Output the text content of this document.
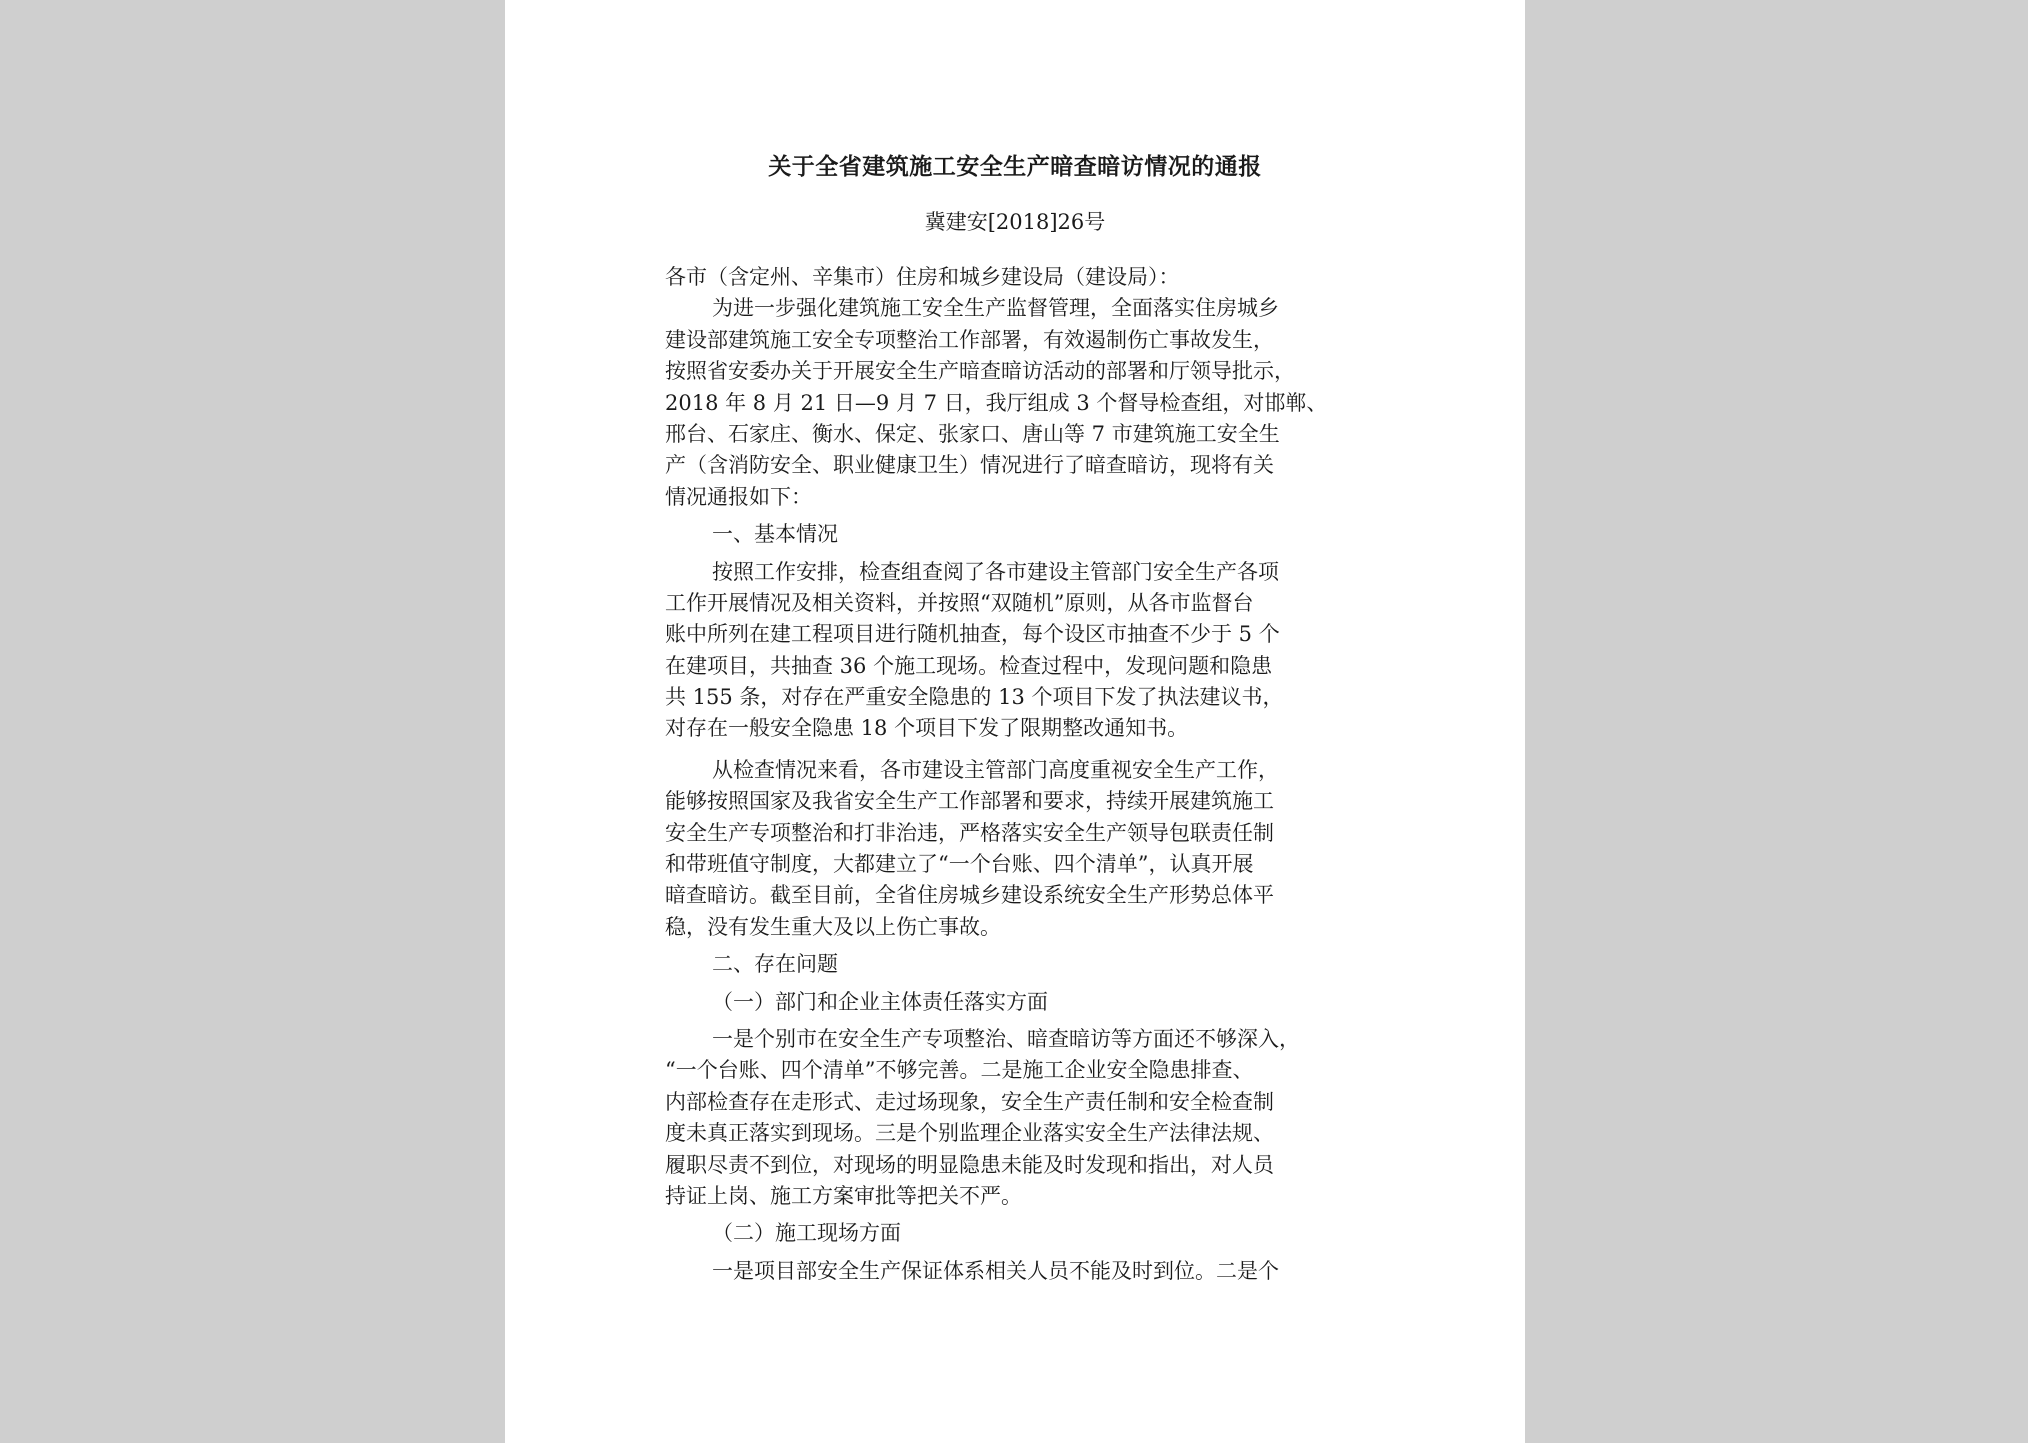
关于全省建筑施工安全生产暗查暗访情况的通报
冀建安[2018]26号
各市（含定州、辛集市）住房和城乡建设局（建设局）：
为进一步强化建筑施工安全生产监督管理，全面落实住房城乡
建设部建筑施工安全专项整治工作部署，有效遏制伤亡事故发生，
按照省安委办关于开展安全生产暗查暗访活动的部署和厅领导批示，
2018 年 8 月 21 日—9 月 7 日，我厅组成 3 个督导检查组，对邯郸、
邢台、石家庄、衡水、保定、张家口、唐山等 7 市建筑施工安全生
产（含消防安全、职业健康卫生）情况进行了暗查暗访，现将有关
情况通报如下：
一、基本情况
按照工作安排，检查组查阅了各市建设主管部门安全生产各项
工作开展情况及相关资料，并按照“双随机”原则，从各市监督台
账中所列在建工程项目进行随机抽查，每个设区市抽查不少于 5 个
在建项目，共抽查 36 个施工现场。检查过程中，发现问题和隐患
共 155 条，对存在严重安全隐患的 13 个项目下发了执法建议书，
对存在一般安全隐患 18 个项目下发了限期整改通知书。
从检查情况来看，各市建设主管部门高度重视安全生产工作，
能够按照国家及我省安全生产工作部署和要求，持续开展建筑施工
安全生产专项整治和打非治违，严格落实安全生产领导包联责任制
和带班值守制度，大都建立了“一个台账、四个清单”，认真开展
暗查暗访。截至目前，全省住房城乡建设系统安全生产形势总体平
稳，没有发生重大及以上伤亡事故。
二、存在问题
（一）部门和企业主体责任落实方面
一是个别市在安全生产专项整治、暗查暗访等方面还不够深入，
“一个台账、四个清单”不够完善。二是施工企业安全隐患排查、
内部检查存在走形式、走过场现象，安全生产责任制和安全检查制
度未真正落实到现场。三是个别监理企业落实安全生产法律法规、
履职尽责不到位，对现场的明显隐患未能及时发现和指出，对人员
持证上岗、施工方案审批等把关不严。
（二）施工现场方面
一是项目部安全生产保证体系相关人员不能及时到位。二是个
